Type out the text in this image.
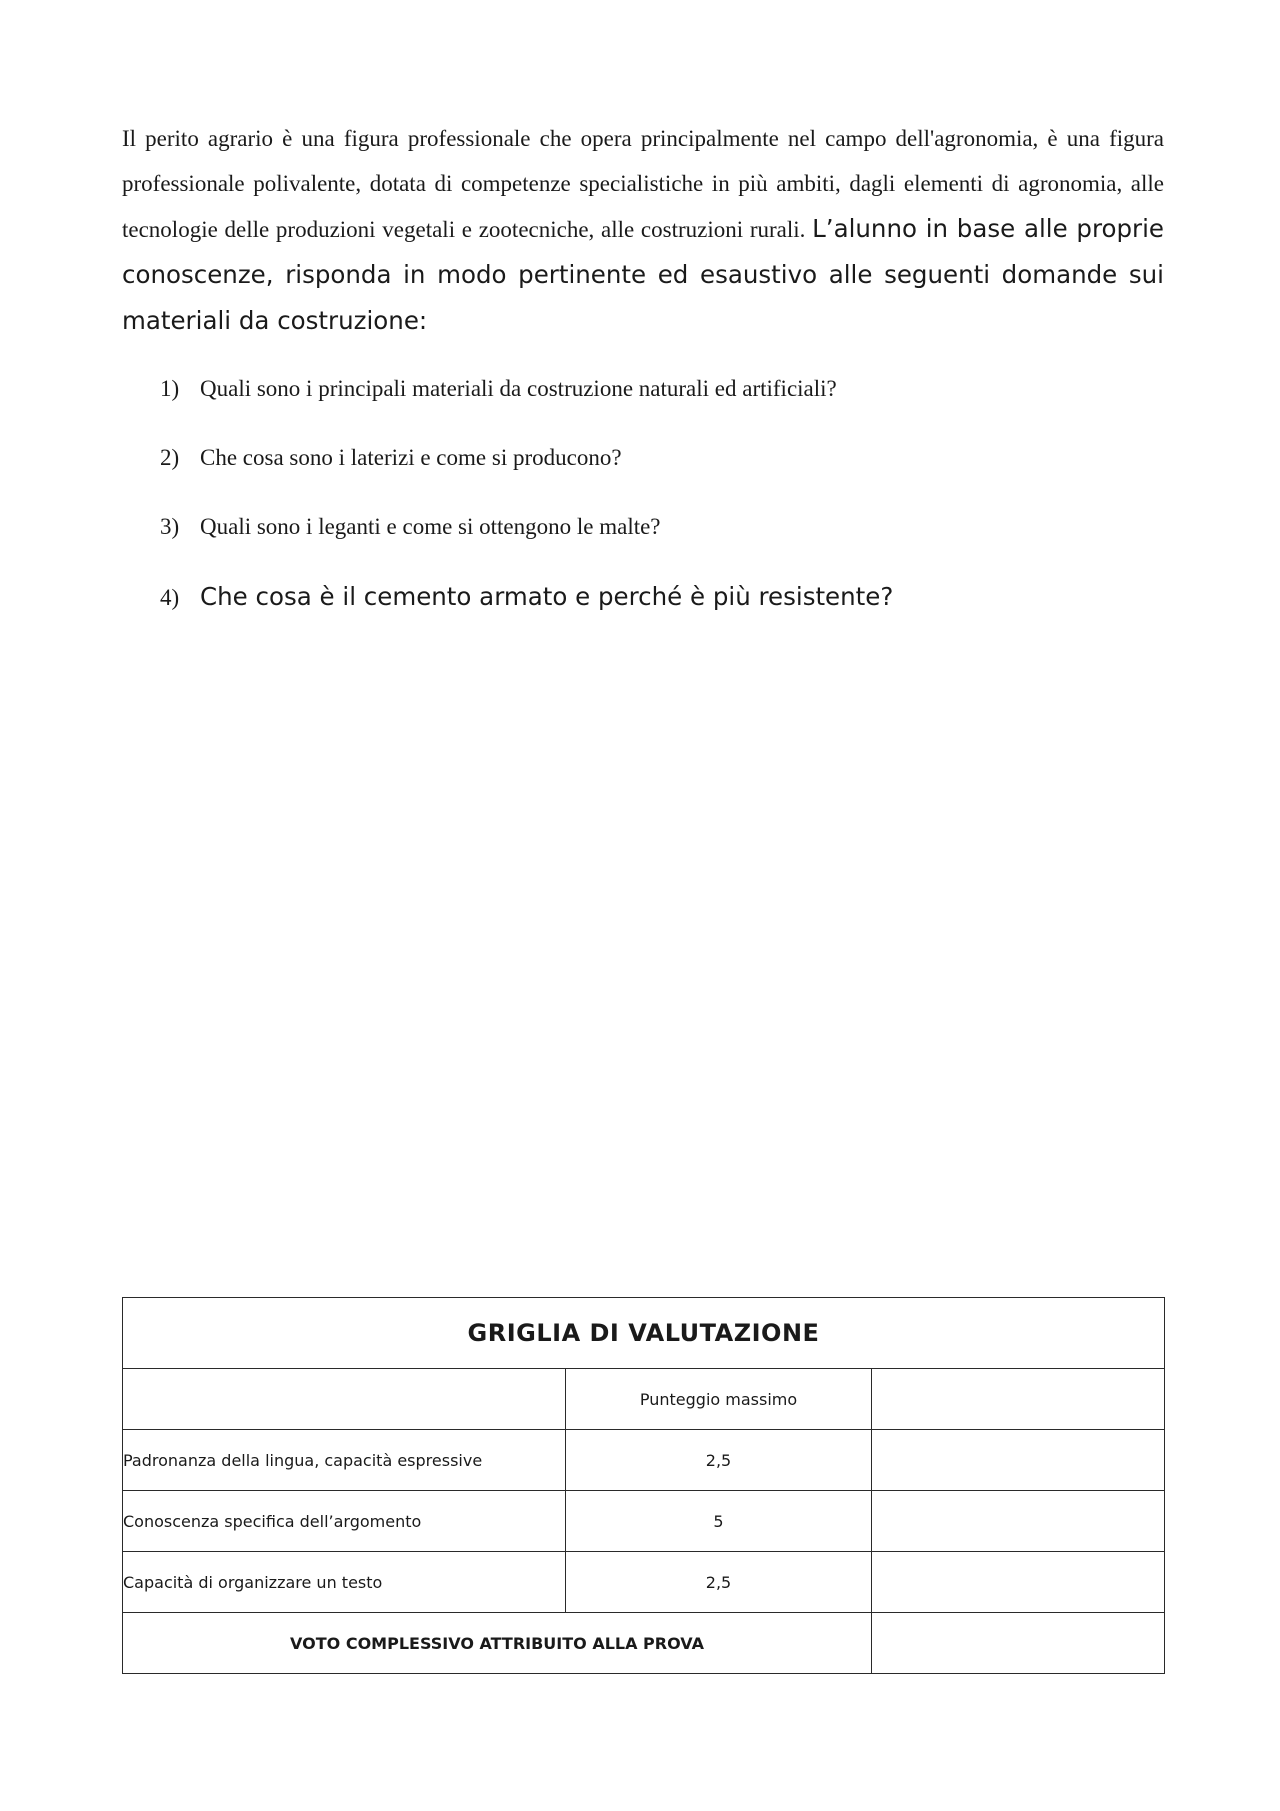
Il perito agrario è una figura professionale che opera principalmente nel campo dell'agronomia, è una figura professionale polivalente, dotata di competenze specialistiche in più ambiti, dagli elementi di agronomia, alle tecnologie delle produzioni vegetali e zootecniche, alle costruzioni rurali. L’alunno in base alle proprie conoscenze, risponda in modo pertinente ed esaustivo alle seguenti domande sui materiali da costruzione:

1) Quali sono i principali materiali da costruzione naturali ed artificiali?
2) Che cosa sono i laterizi e come si producono?
3) Quali sono i leganti e come si ottengono le malte?
4) Che cosa è il cemento armato e perché è più resistente?
GRIGLIA DI VALUTAZIONE		
	Punteggio massimo	
Padronanza della lingua, capacità espressive	2,5	
Conoscenza specifica dell’argomento	5	
Capacità di organizzare un testo	2,5	
VOTO COMPLESSIVO ATTRIBUITO ALLA PROVA		
